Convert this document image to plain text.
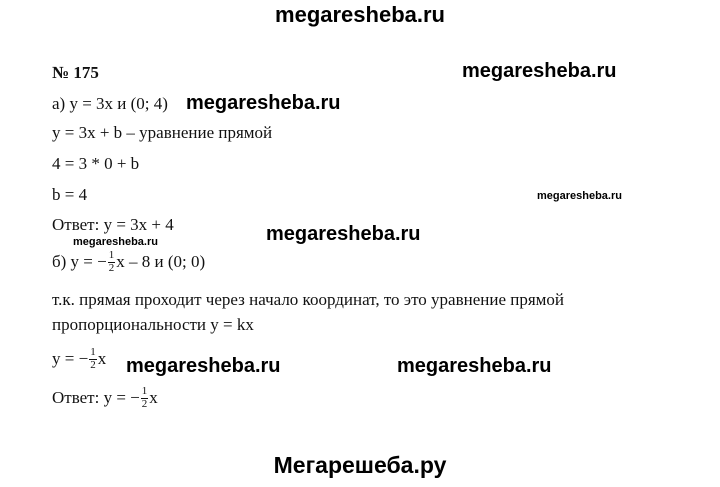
megaresheba.ru
№ 175	megaresheba.ru
а) y = 3x и (0; 4) megaresheba.ru
y = 3x + b – уравнение прямой
4 = 3 * 0 + b
b = 4	megaresheba.ru
Ответ: y = 3x + 4	megaresheba.ru
megaresheba.ru
б) y = − $\frac{1}{2}$ x – 8 и (0; 0)
т.к. прямая проходит через начало координат, то это уравнение прямой
пропорциональности y = kx
y = − $\frac{1}{2}$ x megaresheba.ru	megaresheba.ru
Ответ: y = − $\frac{1}{2}$ x
Мегарешеба.ру
